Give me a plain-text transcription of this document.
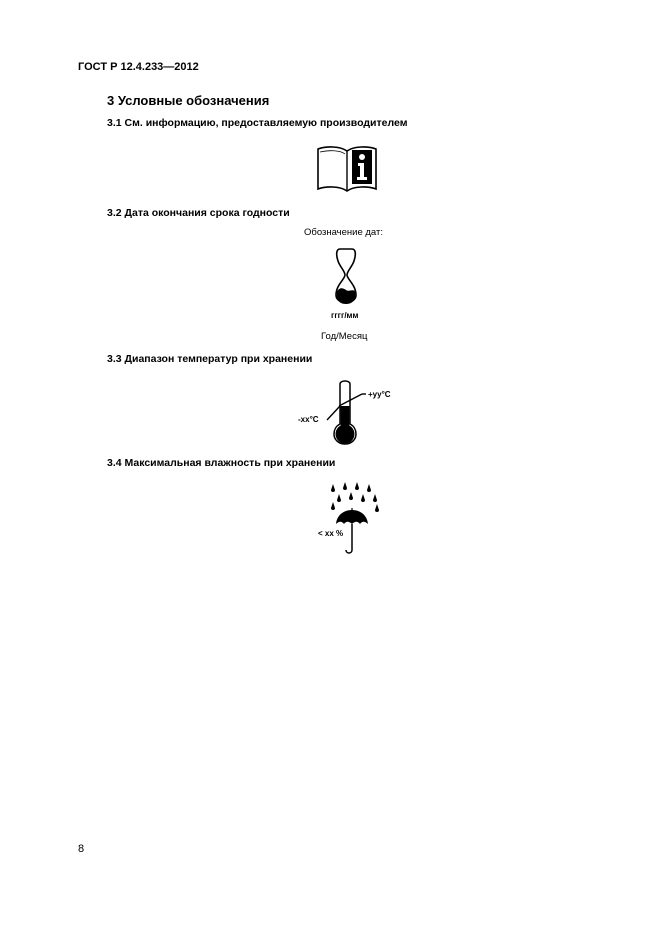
ГОСТ Р 12.4.233—2012
3 Условные обозначения
3.1 См. информацию, предоставляемую производителем
3.2 Дата окончания срока годности
Обозначение дат:
гггг/мм
Год/Месяц
3.3 Диапазон температур при хранении
+уу°С
-хх°С
3.4 Максимальная влажность при хранении
< хх %
8
